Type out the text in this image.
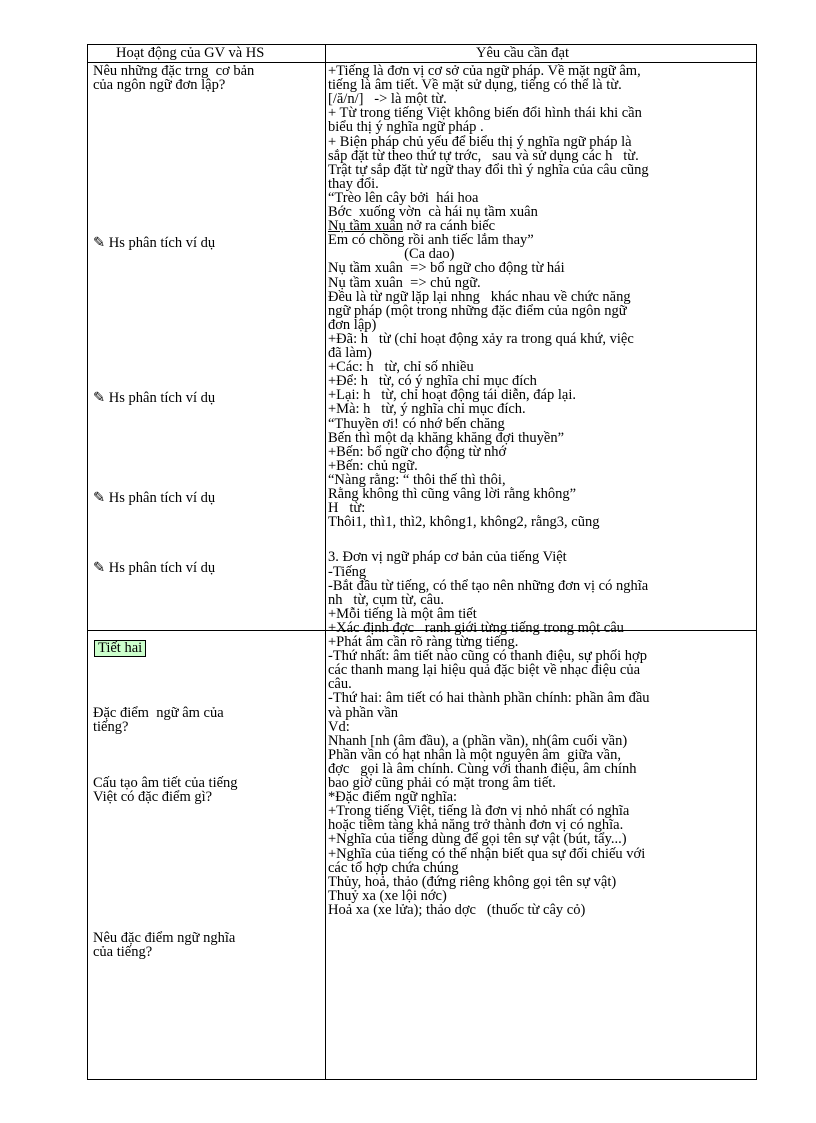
Hoạt động của GV và HS	Yêu cầu cần đạt
Nêu những đặc trng  cơ bản
của ngôn ngữ đơn lập?
✎ Hs phân tích ví dụ
✎ Hs phân tích ví dụ
✎ Hs phân tích ví dụ
✎ Hs phân tích ví dụ
Đặc điểm  ngữ âm của
tiếng?
Cấu tạo âm tiết của tiếng
Việt có đặc điểm gì?
Nêu đặc điểm ngữ nghĩa
của tiếng?
Tiết hai
+Tiếng là đơn vị cơ sở của ngữ pháp. Về mặt ngữ âm,
tiếng là âm tiết. Về mặt sử dụng, tiếng có thể là từ.
[/ă/n/]   -> là một từ.
+ Từ trong tiếng Việt không biến đổi hình thái khi cần
biểu thị ý nghĩa ngữ pháp .
+ Biện pháp chủ yếu để biểu thị ý nghĩa ngữ pháp là
sắp đặt từ theo thứ tự trớc,   sau và sử dụng các h   từ.
Trật tự sắp đặt từ ngữ thay đổi thì ý nghĩa của câu cũng
thay đổi.
“Trèo lên cây bởi  hái hoa
Bớc  xuống vờn  cà hái nụ tầm xuân
Nụ tầm xuân nở ra cánh biếc
Em có chồng rồi anh tiếc lắm thay”
(Ca dao)
Nụ tầm xuân  => bổ ngữ cho động từ hái
Nụ tầm xuân  => chủ ngữ.
Đều là từ ngữ lặp lại nhng   khác nhau về chức năng
ngữ pháp (một trong những đặc điểm của ngôn ngữ
đơn lập)
+Đã: h   từ (chỉ hoạt động xảy ra trong quá khứ, việc
đã làm)
+Các: h   từ, chỉ số nhiều
+Để: h   từ, có ý nghĩa chỉ mục đích
+Lại: h   từ, chỉ hoạt động tái diễn, đáp lại.
+Mà: h   từ, ý nghĩa chỉ mục đích.
“Thuyền ơi! có nhớ bến chăng
Bến thì một dạ khăng khăng đợi thuyền”
+Bến: bổ ngữ cho động từ nhớ
+Bến: chủ ngữ.
“Nàng rằng: “ thôi thế thì thôi,
Rằng không thì cũng vâng lời rằng không”
H   từ:
Thôi1, thì1, thì2, không1, không2, rằng3, cũng
3. Đơn vị ngữ pháp cơ bản của tiếng Việt
-Tiếng
-Bắt đầu từ tiếng, có thể tạo nên những đơn vị có nghĩa
nh   từ, cụm từ, câu.
+Mỗi tiếng là một âm tiết
+Xác định đợc   ranh giới từng tiếng trong một câu
+Phát âm cần rõ ràng từng tiếng.
-Thứ nhất: âm tiết nào cũng có thanh điệu, sự phối hợp
các thanh mang lại hiệu quả đặc biệt về nhạc điệu của
câu.
-Thứ hai: âm tiết có hai thành phần chính: phần âm đầu
và phần vần
Vd:
Nhanh [nh (âm đầu), a (phần vần), nh(âm cuối vần)
Phần vần có hạt nhân là một nguyên âm  giữa vần,
đợc   gọi là âm chính. Cùng với thanh điệu, âm chính
bao giờ cũng phải có mặt trong âm tiết.
*Đặc điểm ngữ nghĩa:
+Trong tiếng Việt, tiếng là đơn vị nhỏ nhất có nghĩa
hoặc tiềm tàng khả năng trở thành đơn vị có nghĩa.
+Nghĩa của tiếng dùng để gọi tên sự vật (bút, tẩy...)
+Nghĩa của tiếng có thể nhận biết qua sự đối chiếu với
các tổ hợp chứa chúng
Thủy, hoả, thảo (đứng riêng không gọi tên sự vật)
Thuỷ xa (xe lội nớc)
Hoả xa (xe lửa); thảo dợc   (thuốc từ cây cỏ)
